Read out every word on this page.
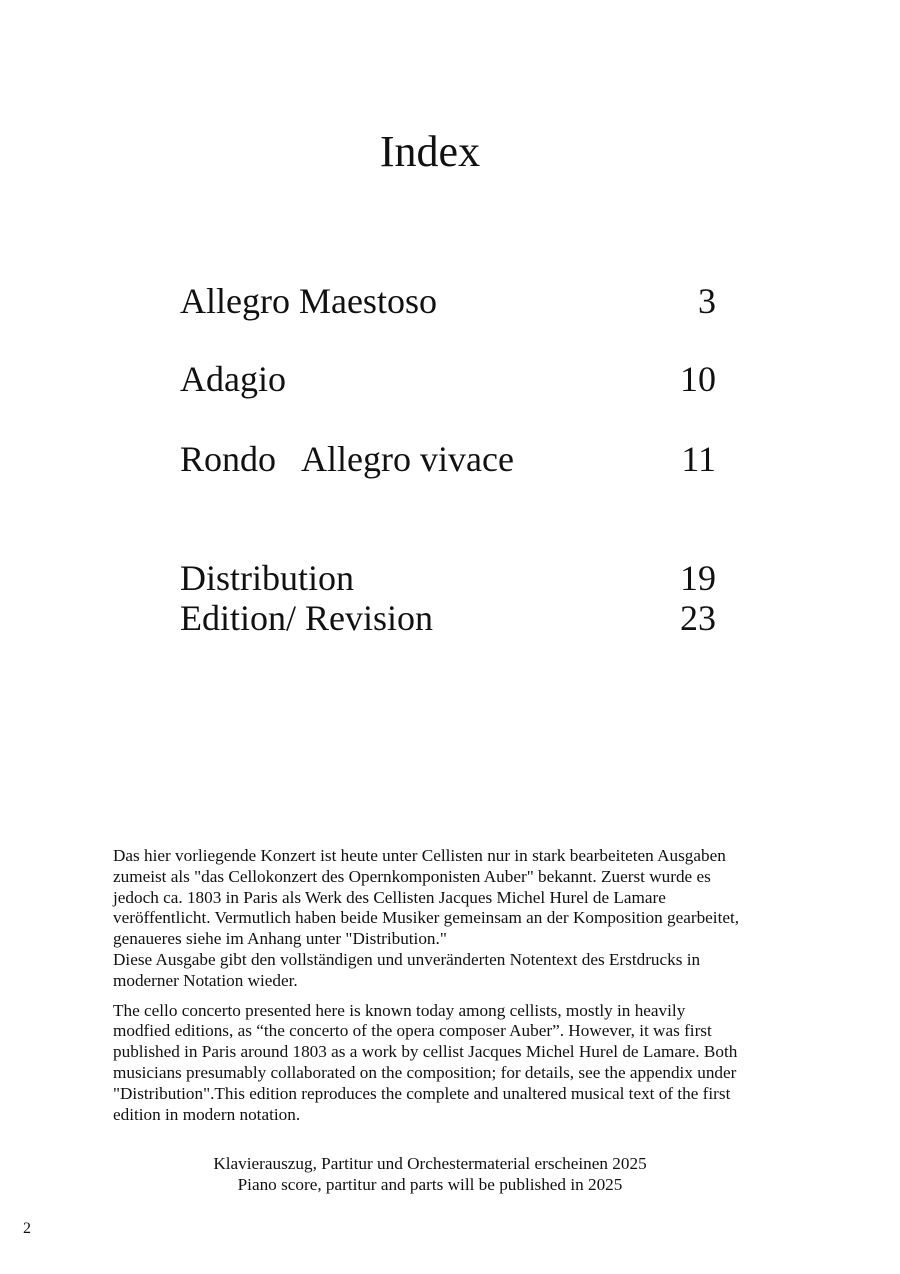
Index
Allegro Maestoso	3
Adagio	10
Rondo   Allegro vivace	11
Distribution	19
Edition/ Revision	23

Das hier vorliegende Konzert ist heute unter Cellisten nur in stark bearbeiteten Ausgaben
zumeist als "das Cellokonzert des Opernkomponisten Auber" bekannt. Zuerst wurde es
jedoch ca. 1803 in Paris als Werk des Cellisten Jacques Michel Hurel de Lamare
veröffentlicht. Vermutlich haben beide Musiker gemeinsam an der Komposition gearbeitet,
genaueres siehe im Anhang unter "Distribution."
Diese Ausgabe gibt den vollständigen und unveränderten Notentext des Erstdrucks in
moderner Notation wieder.

The cello concerto presented here is known today among cellists, mostly in heavily
modfied editions, as “the concerto of the opera composer Auber”. However, it was first
published in Paris around 1803 as a work by cellist Jacques Michel Hurel de Lamare. Both
musicians presumably collaborated on the composition; for details, see the appendix under
"Distribution".This edition reproduces the complete and unaltered musical text of the first
edition in modern notation.

Klavierauszug, Partitur und Orchestermaterial erscheinen 2025
Piano score, partitur and parts will be published in 2025
2
